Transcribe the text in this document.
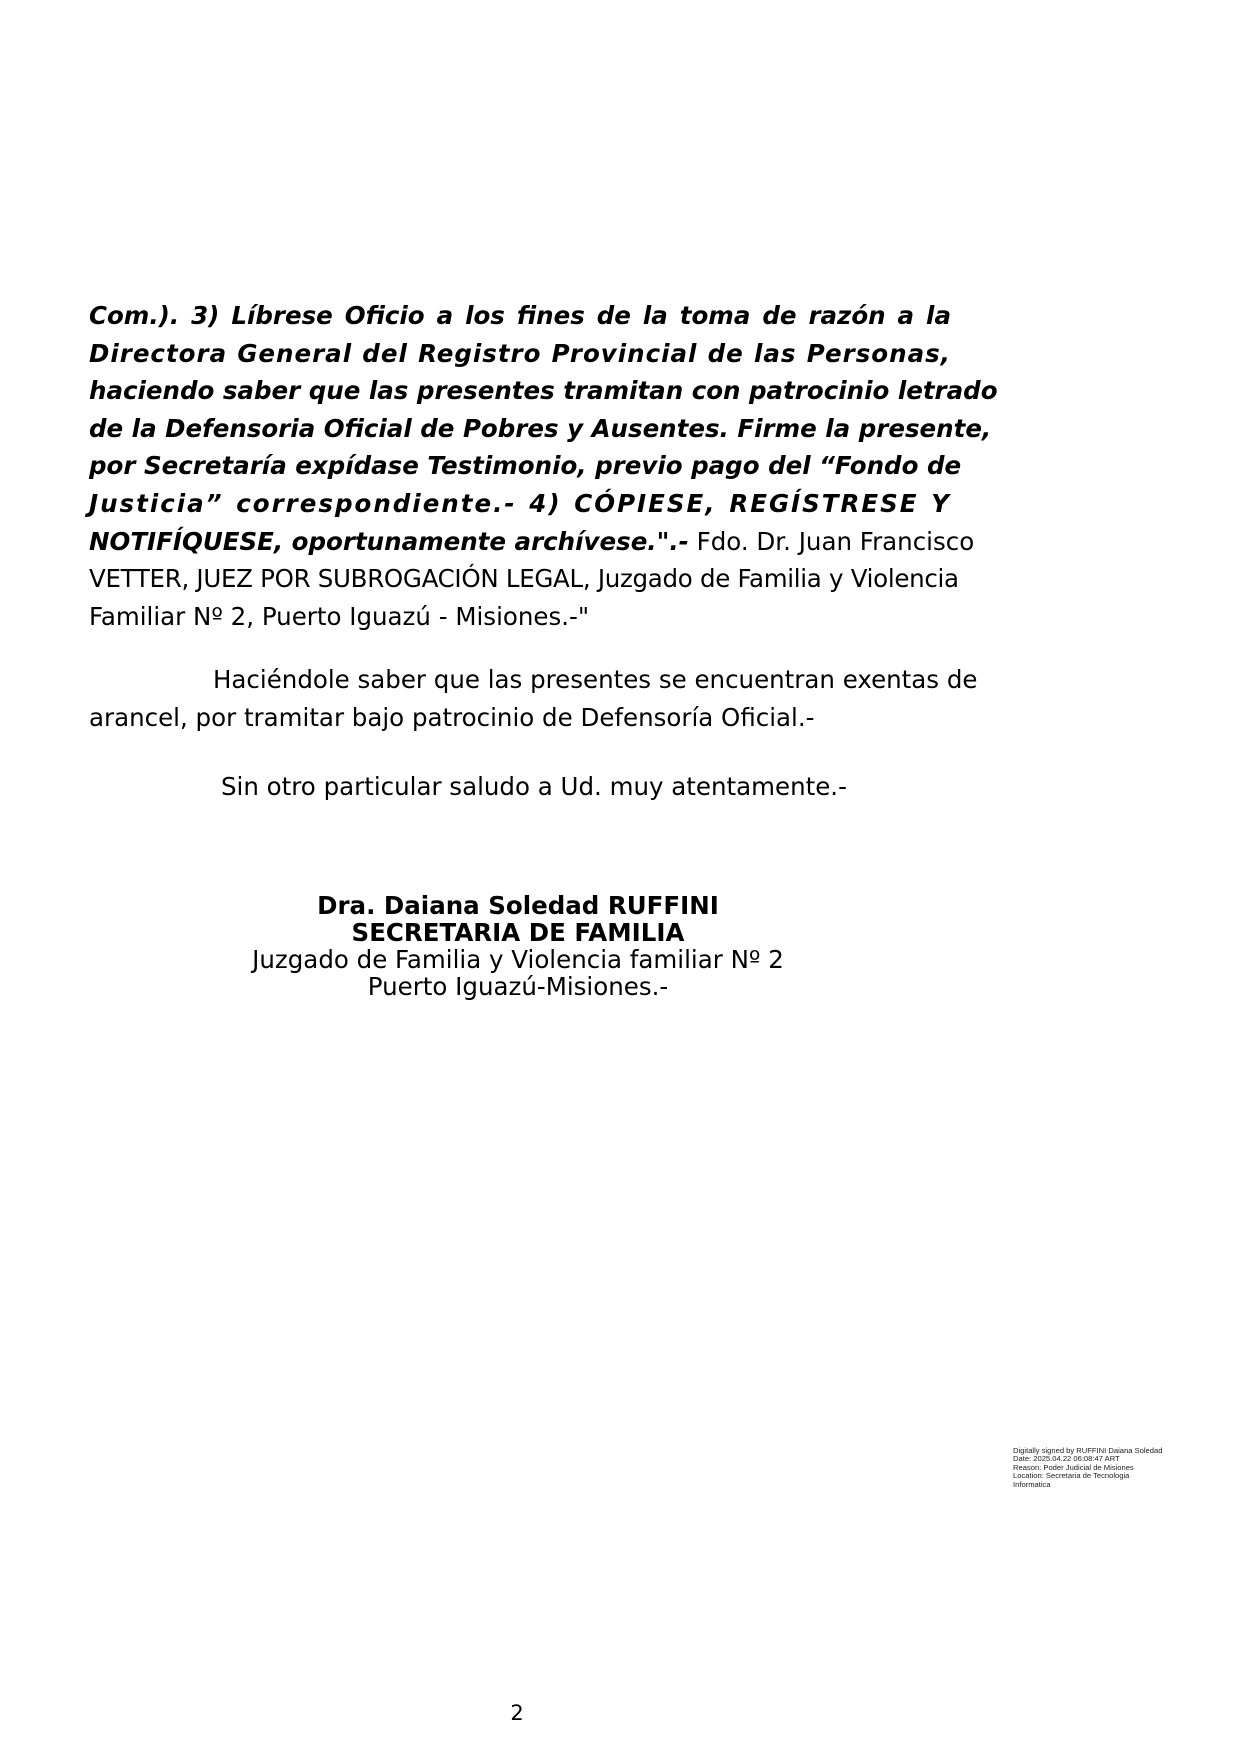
Com.). 3) Líbrese Oficio a los fines de la toma de razón a la
Directora General del Registro Provincial de las Personas,
haciendo saber que las presentes tramitan con patrocinio letrado
de la Defensoria Oficial de Pobres y Ausentes. Firme la presente,
por Secretaría expídase Testimonio, previo pago del “Fondo de
Justicia” correspondiente.- 4) CÓPIESE, REGÍSTRESE Y
NOTIFÍQUESE, oportunamente archívese.".- Fdo. Dr. Juan Francisco
VETTER, JUEZ POR SUBROGACIÓN LEGAL, Juzgado de Familia y Violencia
Familiar Nº 2, Puerto Iguazú - Misiones.-"
Haciéndole saber que las presentes se encuentran exentas de
arancel, por tramitar bajo patrocinio de Defensoría Oficial.-
Sin otro particular saludo a Ud. muy atentamente.-
Dra. Daiana Soledad RUFFINI
SECRETARIA DE FAMILIA
Juzgado de Familia y Violencia familiar Nº 2
Puerto Iguazú-Misiones.-
Digitally signed by RUFFINI Daiana Soledad
Date: 2025.04.22 06:08:47 ART
Reason: Poder Judicial de Misiones
Location: Secretaria de Tecnologia Informatica
2
